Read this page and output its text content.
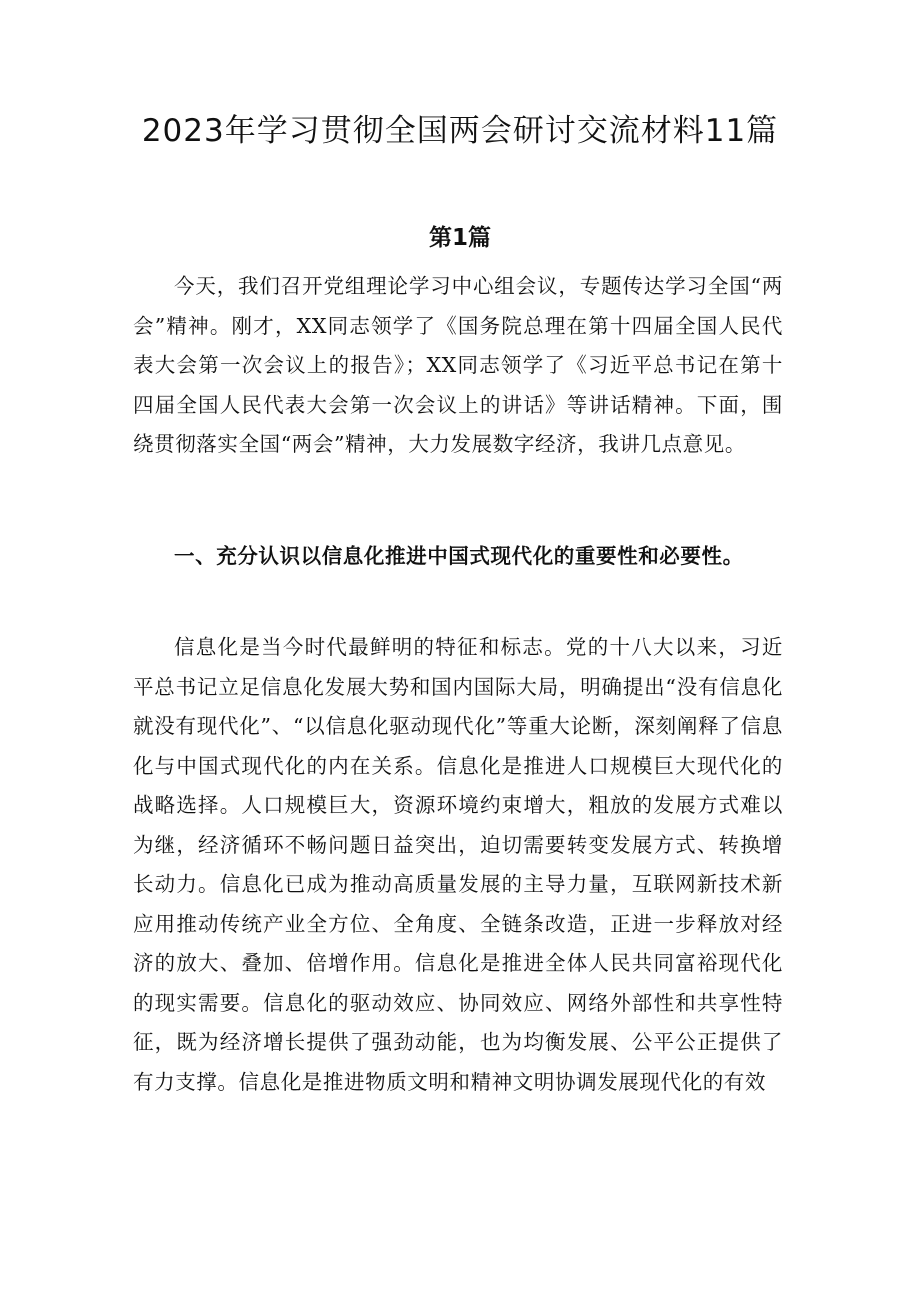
2023年学习贯彻全国两会研讨交流材料11篇
第1篇
今天，我们召开党组理论学习中心组会议，专题传达学习全国“两会”精神。刚才，XX同志领学了《国务院总理在第十四届全国人民代表大会第一次会议上的报告》；XX同志领学了《习近平总书记在第十四届全国人民代表大会第一次会议上的讲话》等讲话精神。下面，围绕贯彻落实全国“两会”精神，大力发展数字经济，我讲几点意见。
一、充分认识以信息化推进中国式现代化的重要性和必要性。
信息化是当今时代最鲜明的特征和标志。党的十八大以来，习近平总书记立足信息化发展大势和国内国际大局，明确提出“没有信息化就没有现代化”、“以信息化驱动现代化”等重大论断，深刻阐释了信息化与中国式现代化的内在关系。信息化是推进人口规模巨大现代化的战略选择。人口规模巨大，资源环境约束增大，粗放的发展方式难以为继，经济循环不畅问题日益突出，迫切需要转变发展方式、转换增长动力。信息化已成为推动高质量发展的主导力量，互联网新技术新应用推动传统产业全方位、全角度、全链条改造，正进一步释放对经济的放大、叠加、倍增作用。信息化是推进全体人民共同富裕现代化的现实需要。信息化的驱动效应、协同效应、网络外部性和共享性特征，既为经济增长提供了强劲动能，也为均衡发展、公平公正提供了有力支撑。信息化是推进物质文明和精神文明协调发展现代化的有效
